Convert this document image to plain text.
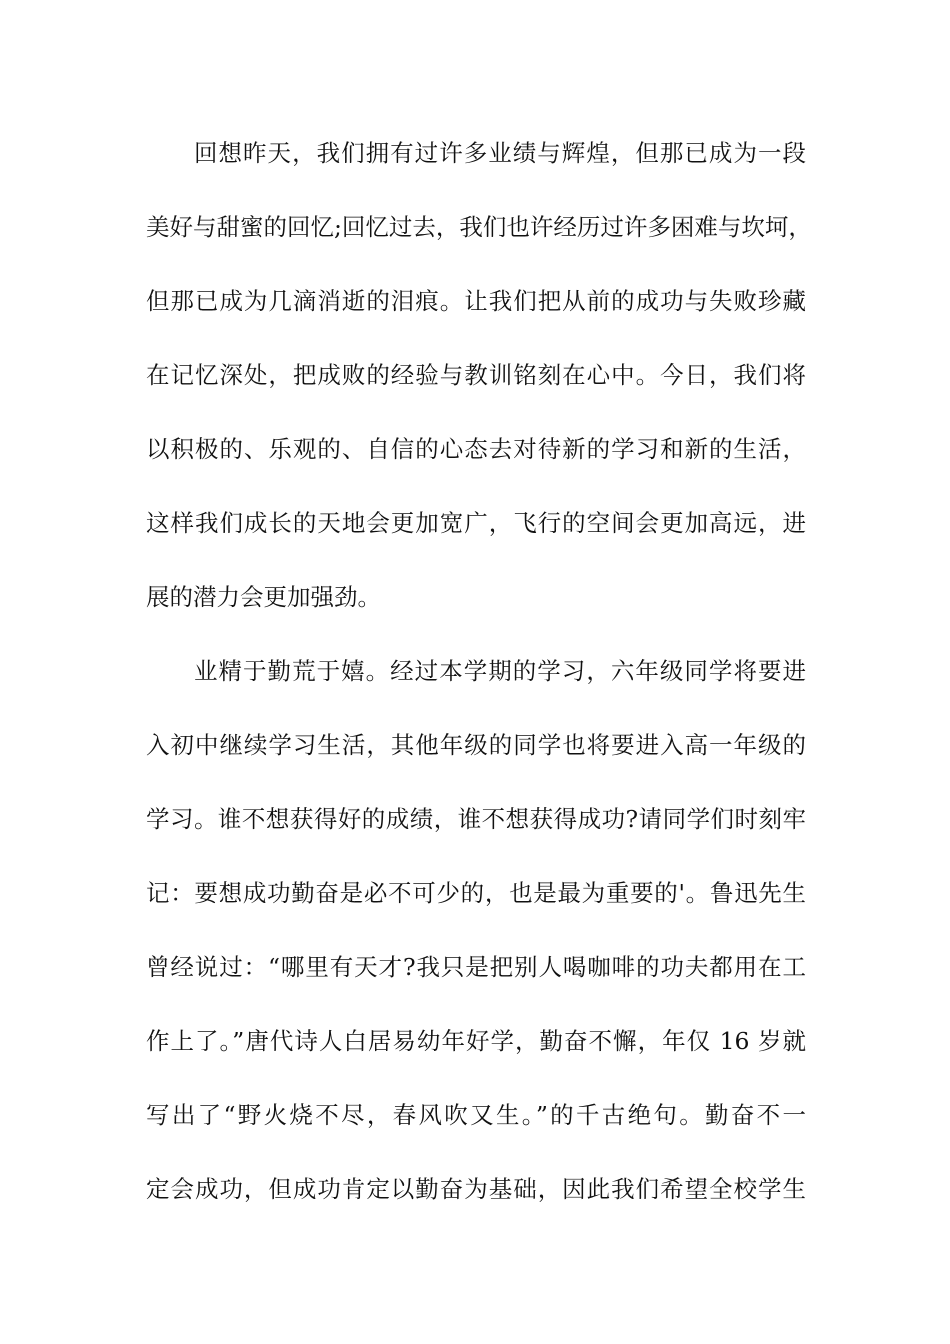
回想昨天，我们拥有过许多业绩与辉煌，但那已成为一段
美好与甜蜜的回忆;回忆过去，我们也许经历过许多困难与坎坷，
但那已成为几滴消逝的泪痕。让我们把从前的成功与失败珍藏
在记忆深处，把成败的经验与教训铭刻在心中。今日，我们将
以积极的、乐观的、自信的心态去对待新的学习和新的生活，
这样我们成长的天地会更加宽广，飞行的空间会更加高远，进
展的潜力会更加强劲。
业精于勤荒于嬉。经过本学期的学习，六年级同学将要进
入初中继续学习生活，其他年级的同学也将要进入高一年级的
学习。谁不想获得好的成绩，谁不想获得成功?请同学们时刻牢
记：要想成功勤奋是必不可少的，也是最为重要的'。鲁迅先生
曾经说过：“哪里有天才?我只是把别人喝咖啡的功夫都用在工
作上了。”唐代诗人白居易幼年好学，勤奋不懈，年仅 16 岁就
写出了“野火烧不尽，春风吹又生。”的千古绝句。勤奋不一
定会成功，但成功肯定以勤奋为基础，因此我们希望全校学生
